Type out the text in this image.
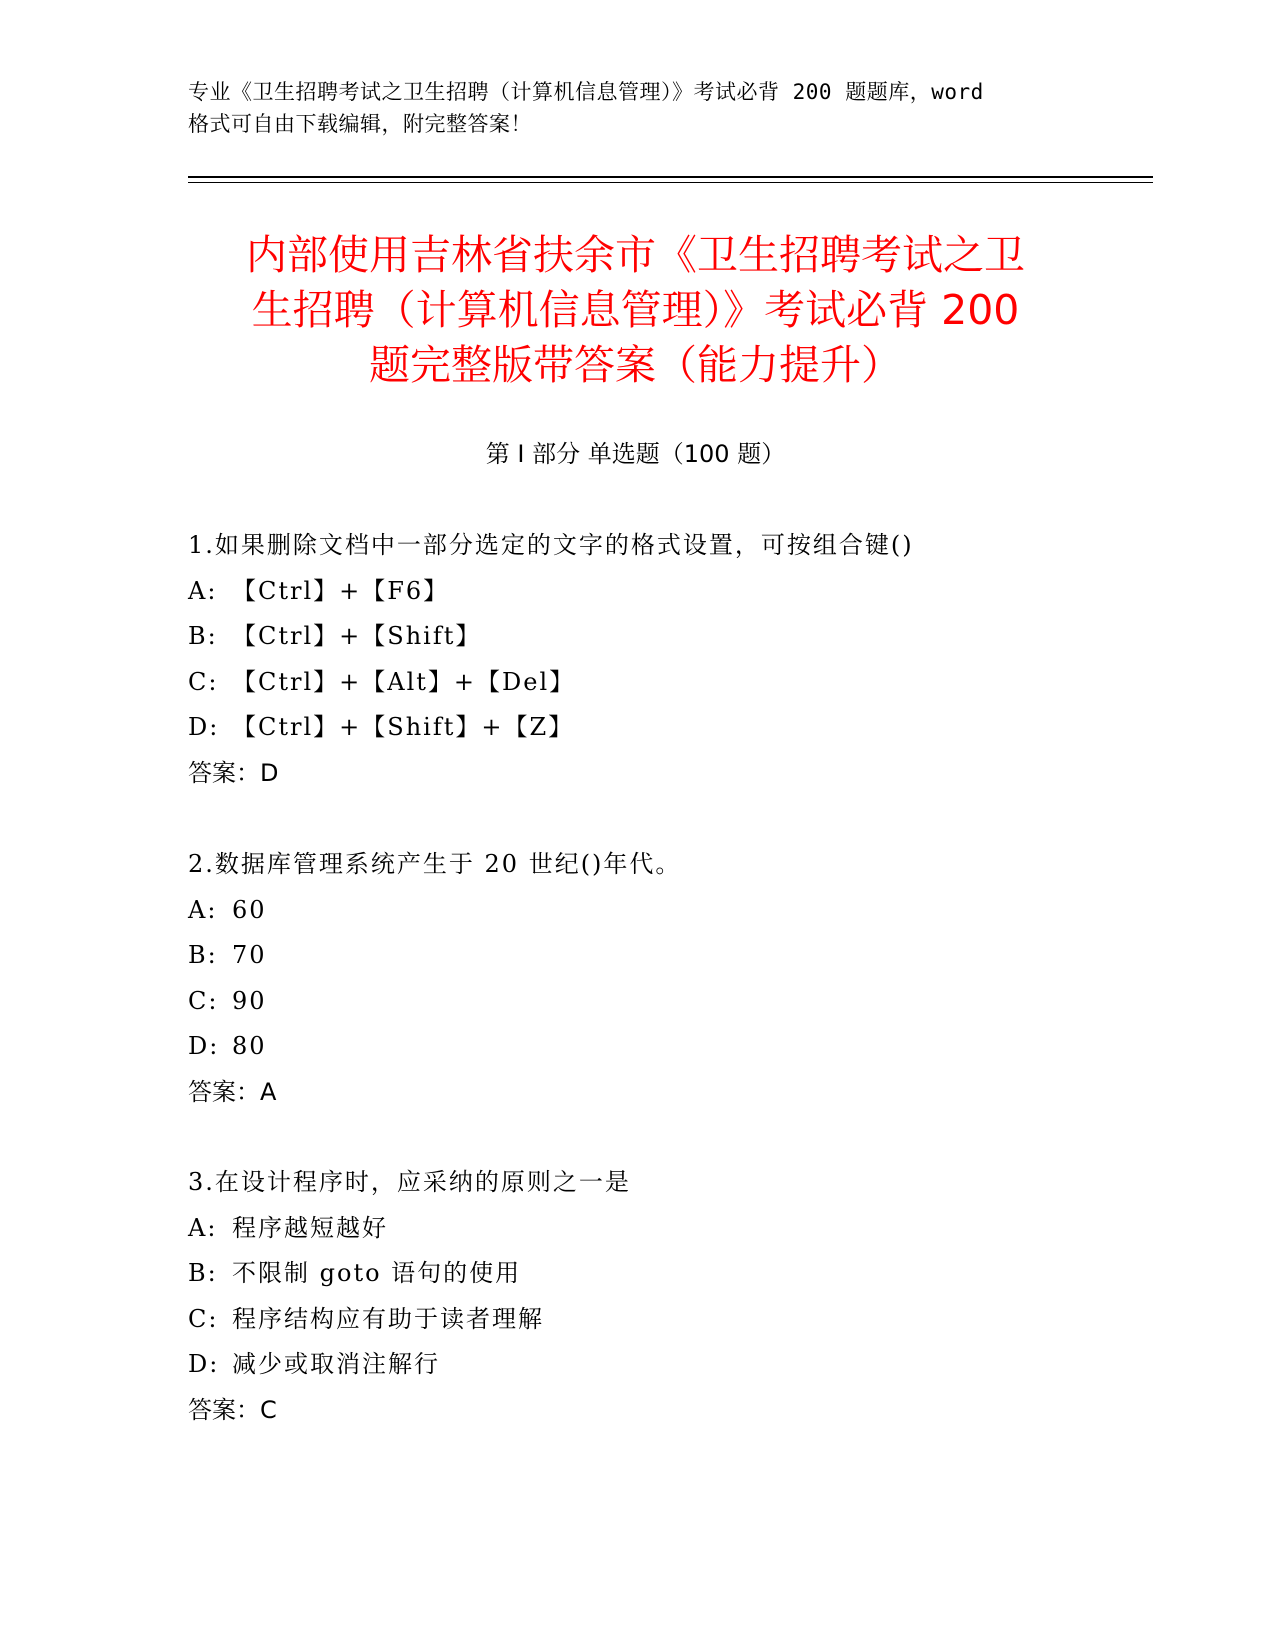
专业《卫生招聘考试之卫生招聘（计算机信息管理）》考试必背 200 题题库，word
格式可自由下载编辑，附完整答案！
内部使用吉林省扶余市《卫生招聘考试之卫
生招聘（计算机信息管理）》考试必背 200
题完整版带答案（能力提升）
第 I 部分 单选题（100 题）
1.如果删除文档中一部分选定的文字的格式设置，可按组合键()
A: 【Ctrl】+【F6】
B: 【Ctrl】+【Shift】
C: 【Ctrl】+【Alt】+【Del】
D: 【Ctrl】+【Shift】+【Z】
答案：D
2.数据库管理系统产生于 20 世纪()年代。
A: 60
B: 70
C: 90
D: 80
答案：A
3.在设计程序时，应采纳的原则之一是
A: 程序越短越好
B: 不限制 goto 语句的使用
C: 程序结构应有助于读者理解
D: 减少或取消注解行
答案：C
